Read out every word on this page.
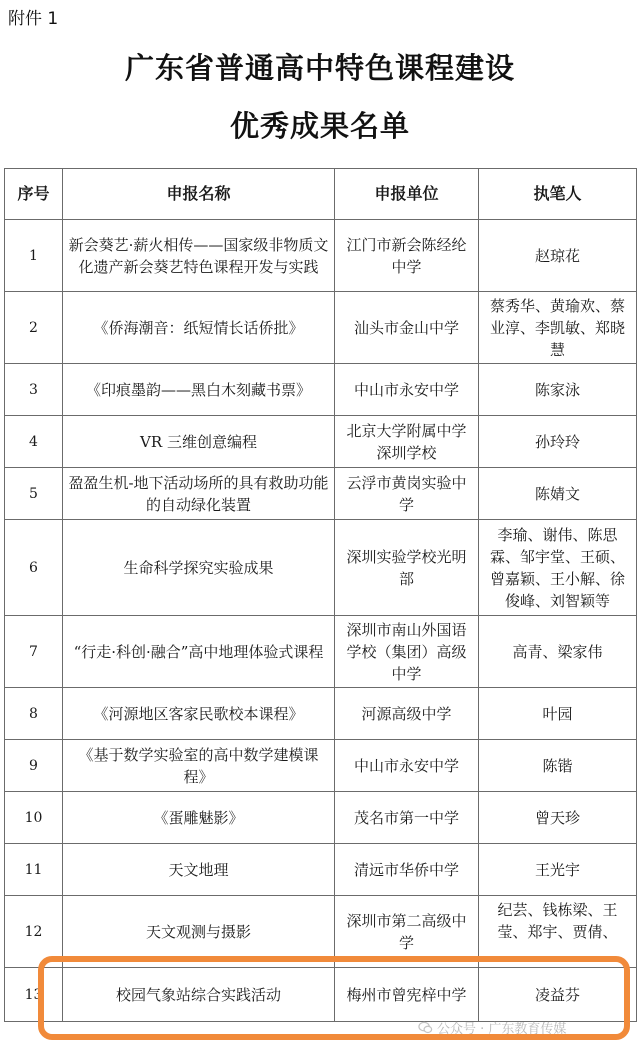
附件 1
广东省普通高中特色课程建设
优秀成果名单
序号	申报名称	申报单位	执笔人
1	新会葵艺·薪火相传——国家级非物质文化遗产新会葵艺特色课程开发与实践	江门市新会陈经纶中学	赵琼花
2	《侨海潮音：纸短情长话侨批》	汕头市金山中学	蔡秀华、黄瑜欢、蔡业淳、李凯敏、郑晓慧
3	《印痕墨韵——黑白木刻藏书票》	中山市永安中学	陈家泳
4	VR 三维创意编程	北京大学附属中学深圳学校	孙玲玲
5	盈盈生机-地下活动场所的具有救助功能的自动绿化装置	云浮市黄岗实验中学	陈婧文
6	生命科学探究实验成果	深圳实验学校光明部	李瑜、谢伟、陈思霖、邹宇堂、王硕、曾嘉颖、王小解、徐俊峰、刘智颖等
7	“行走·科创·融合”高中地理体验式课程	深圳市南山外国语学校（集团）高级中学	高青、梁家伟
8	《河源地区客家民歌校本课程》	河源高级中学	叶园
9	《基于数学实验室的高中数学建模课程》	中山市永安中学	陈锴
10	《蛋雕魅影》	茂名市第一中学	曾天珍
11	天文地理	清远市华侨中学	王光宇
12	天文观测与摄影	深圳市第二高级中学	纪芸、钱栋梁、王莹、郑宇、贾倩、

13	校园气象站综合实践活动	梅州市曾宪梓中学	凌益芬
公众号 · 广东教育传媒
